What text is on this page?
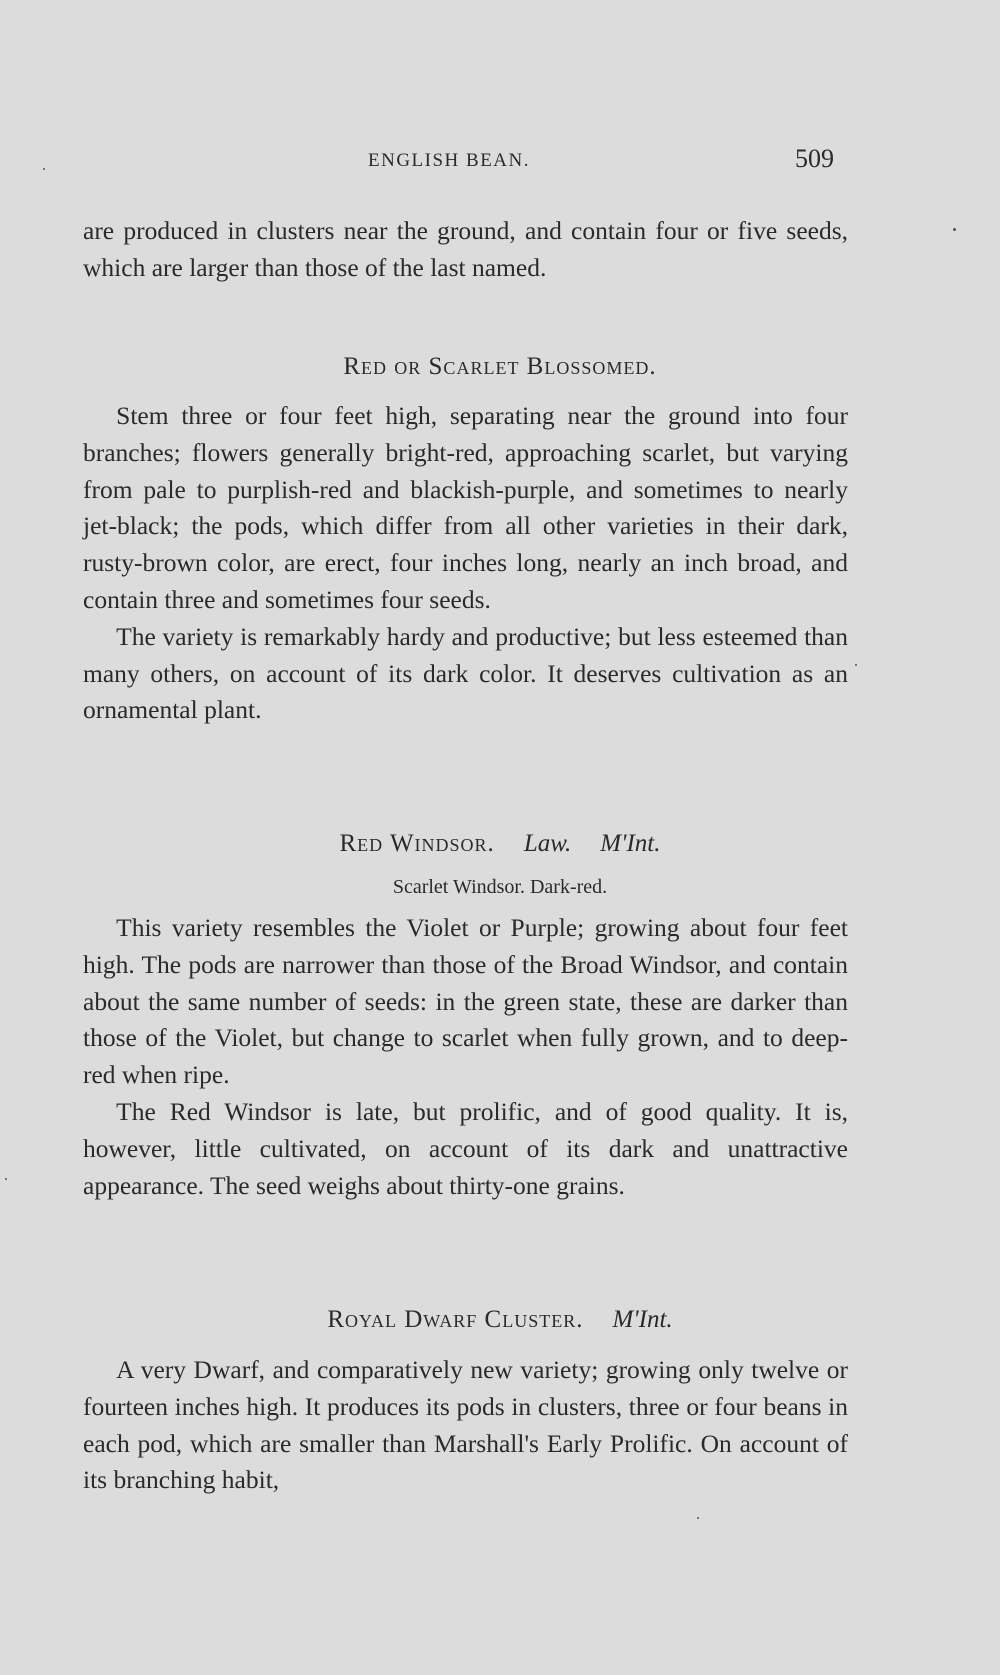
ENGLISH BEAN.	509

are produced in clusters near the ground, and contain four or five seeds, which are larger than those of the last named.

Red or Scarlet Blossomed.

Stem three or four feet high, separating near the ground into four branches; flowers generally bright-red, approaching scarlet, but varying from pale to purplish-red and blackish-purple, and sometimes to nearly jet-black; the pods, which differ from all other varieties in their dark, rusty-brown color, are erect, four inches long, nearly an inch broad, and contain three and sometimes four seeds.

The variety is remarkably hardy and productive; but less esteemed than many others, on account of its dark color. It deserves cultivation as an ornamental plant.

Red Windsor. Law. M'Int.
Scarlet Windsor. Dark-red.

This variety resembles the Violet or Purple; growing about four feet high. The pods are narrower than those of the Broad Windsor, and contain about the same number of seeds: in the green state, these are darker than those of the Violet, but change to scarlet when fully grown, and to deep-red when ripe.

The Red Windsor is late, but prolific, and of good quality. It is, however, little cultivated, on account of its dark and unattractive appearance. The seed weighs about thirty-one grains.

Royal Dwarf Cluster. M'Int.

A very Dwarf, and comparatively new variety; growing only twelve or fourteen inches high. It produces its pods in clusters, three or four beans in each pod, which are smaller than Marshall's Early Prolific. On account of its branching habit,
